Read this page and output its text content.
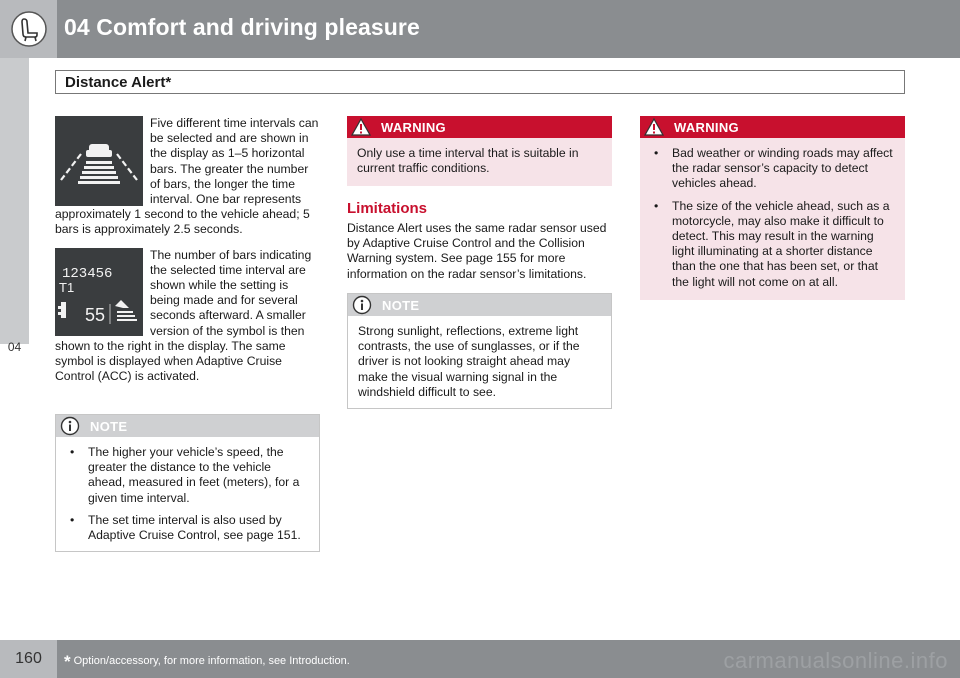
04 Comfort and driving pleasure
04
Distance Alert*

Five different time intervals can be selected and are shown in the display as 1–5 horizontal bars. The greater the number of bars, the longer the time interval. One bar represents approximately 1 second to the vehicle ahead; 5 bars is approximately 2.5 seconds.

123456
T1
55

The number of bars indicating the selected time interval are shown while the setting is being made and for several seconds afterward. A smaller version of the symbol is then shown to the right in the display. The same symbol is displayed when Adaptive Cruise Control (ACC) is activated.

NOTE
• The higher your vehicle’s speed, the greater the distance to the vehicle ahead, measured in feet (meters), for a given time interval.
• The set time interval is also used by Adaptive Cruise Control, see page 151.
WARNING

Only use a time interval that is suitable in current traffic conditions.

Limitations

Distance Alert uses the same radar sensor used by Adaptive Cruise Control and the Collision Warning system. See page 155 for more information on the radar sensor’s limitations.

NOTE

Strong sunlight, reflections, extreme light contrasts, the use of sunglasses, or if the driver is not looking straight ahead may make the visual warning signal in the windshield difficult to see.

WARNING
• Bad weather or winding roads may affect the radar sensor’s capacity to detect vehicles ahead.
• The size of the vehicle ahead, such as a motorcycle, may also make it difficult to detect. This may result in the warning light illuminating at a shorter distance than the one that has been set, or that the light will not come on at all.
160	* Option/accessory, for more information, see Introduction.	carmanualsonline.info
